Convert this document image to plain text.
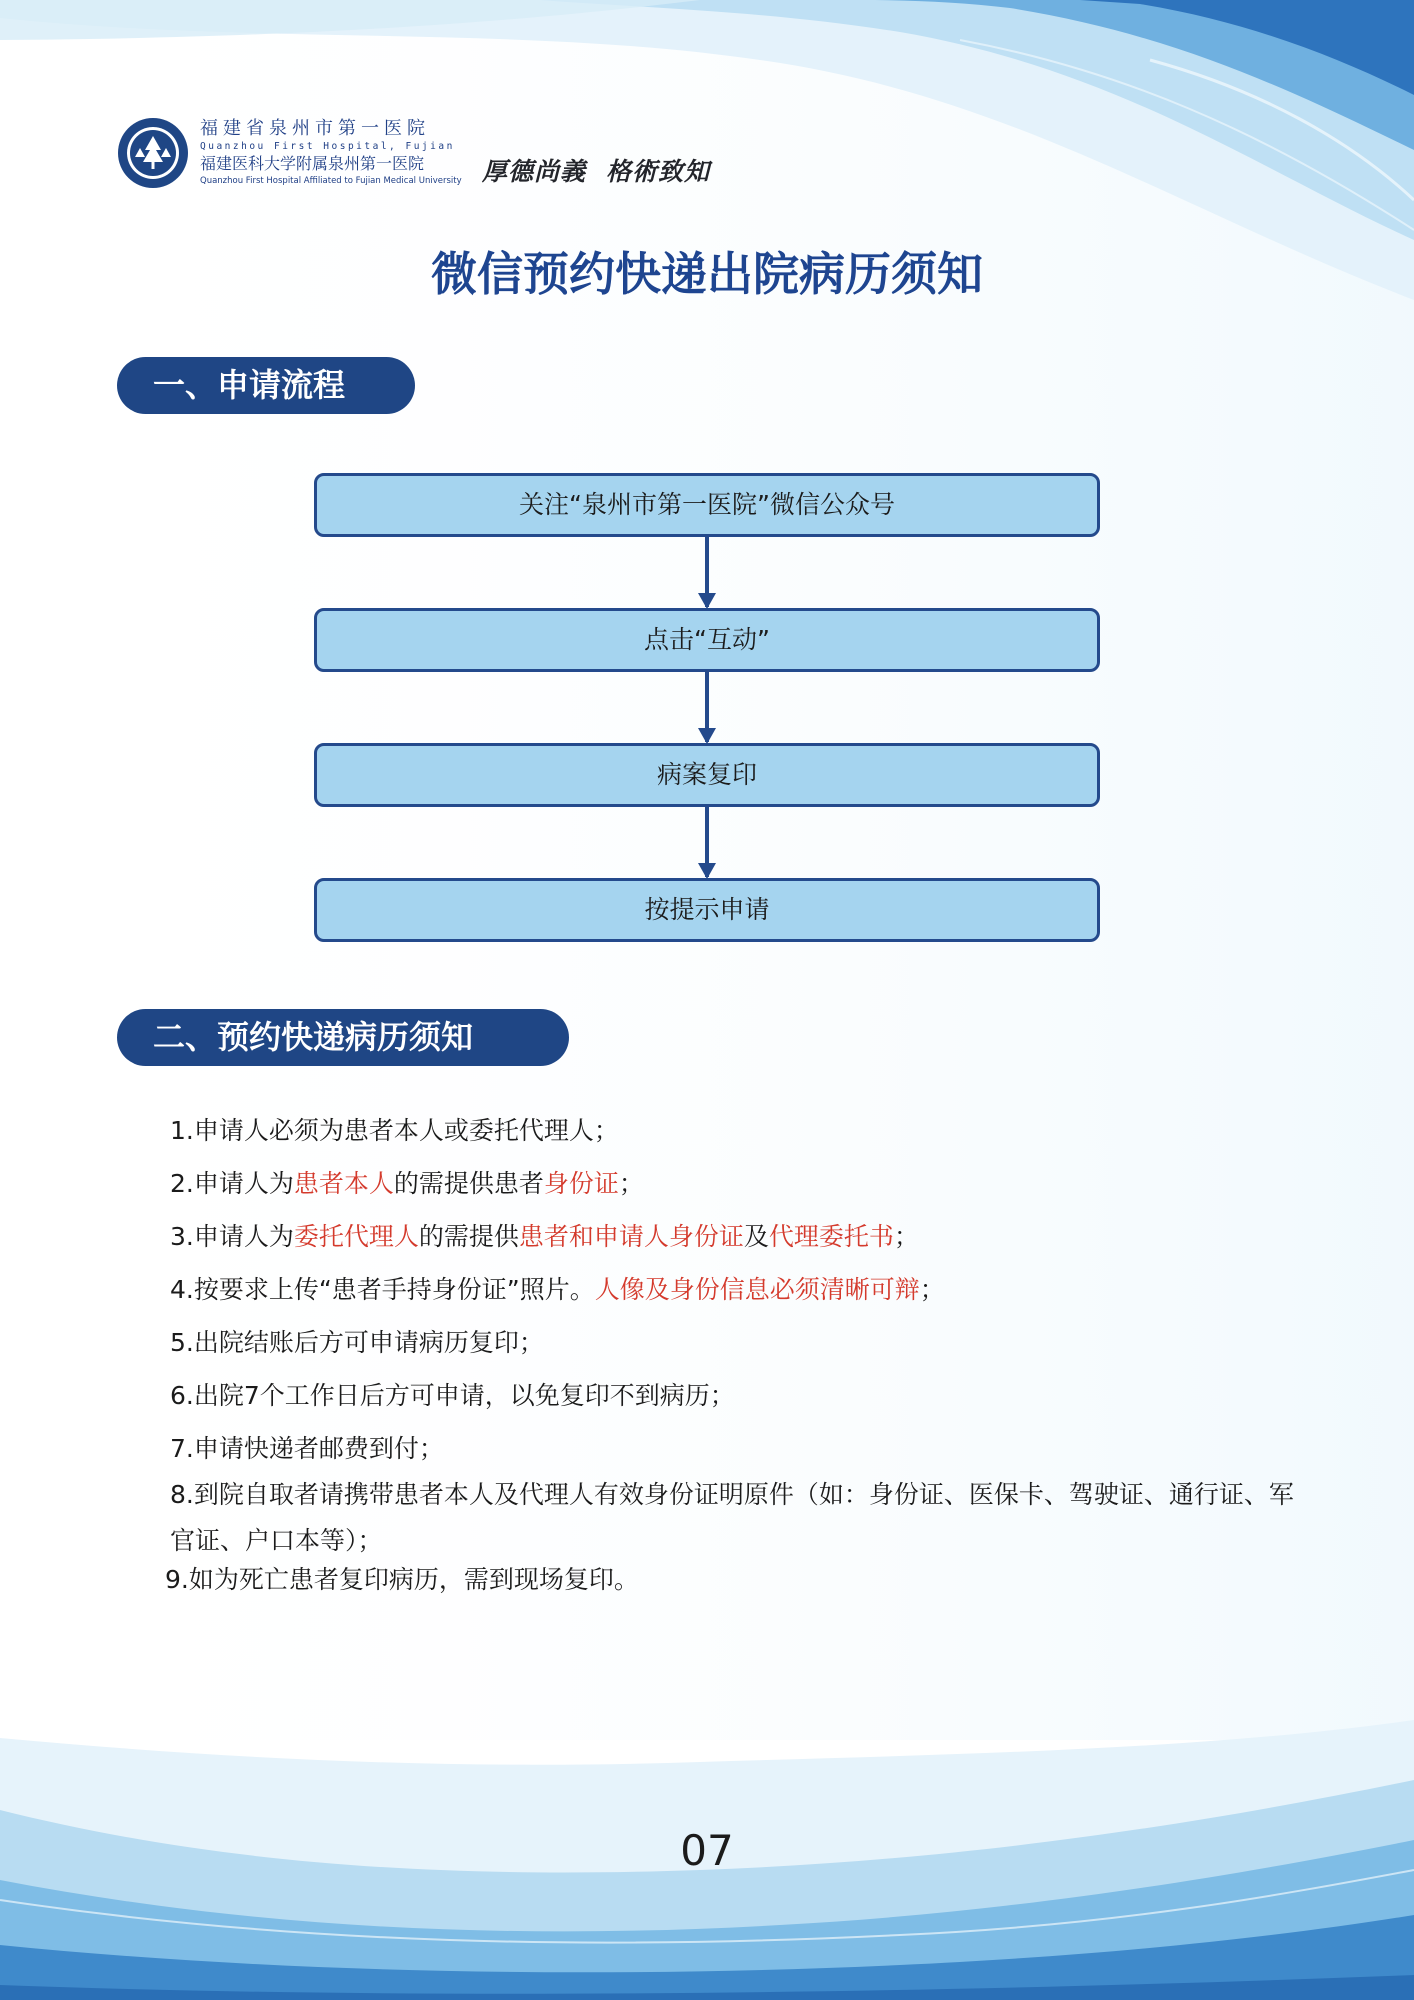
福建省泉州市第一医院
Quanzhou First Hospital, Fujian
福建医科大学附属泉州第一医院
Quanzhou First Hospital Affiliated to Fujian Medical University 厚德尚義 格術致知
微信预约快递出院病历须知
一、申请流程
关注“泉州市第一医院”微信公众号
点击“互动”
病案复印
按提示申请
二、预约快递病历须知
1.申请人必须为患者本人或委托代理人；
2.申请人为患者本人的需提供患者身份证；
3.申请人为委托代理人的需提供患者和申请人身份证及代理委托书；
4.按要求上传“患者手持身份证”照片。人像及身份信息必须清晰可辩；
5.出院结账后方可申请病历复印；
6.出院7个工作日后方可申请，以免复印不到病历；
7.申请快递者邮费到付；
8.到院自取者请携带患者本人及代理人有效身份证明原件（如：身份证、医保卡、驾驶证、通行证、军官证、户口本等）；
9.如为死亡患者复印病历，需到现场复印。
07
